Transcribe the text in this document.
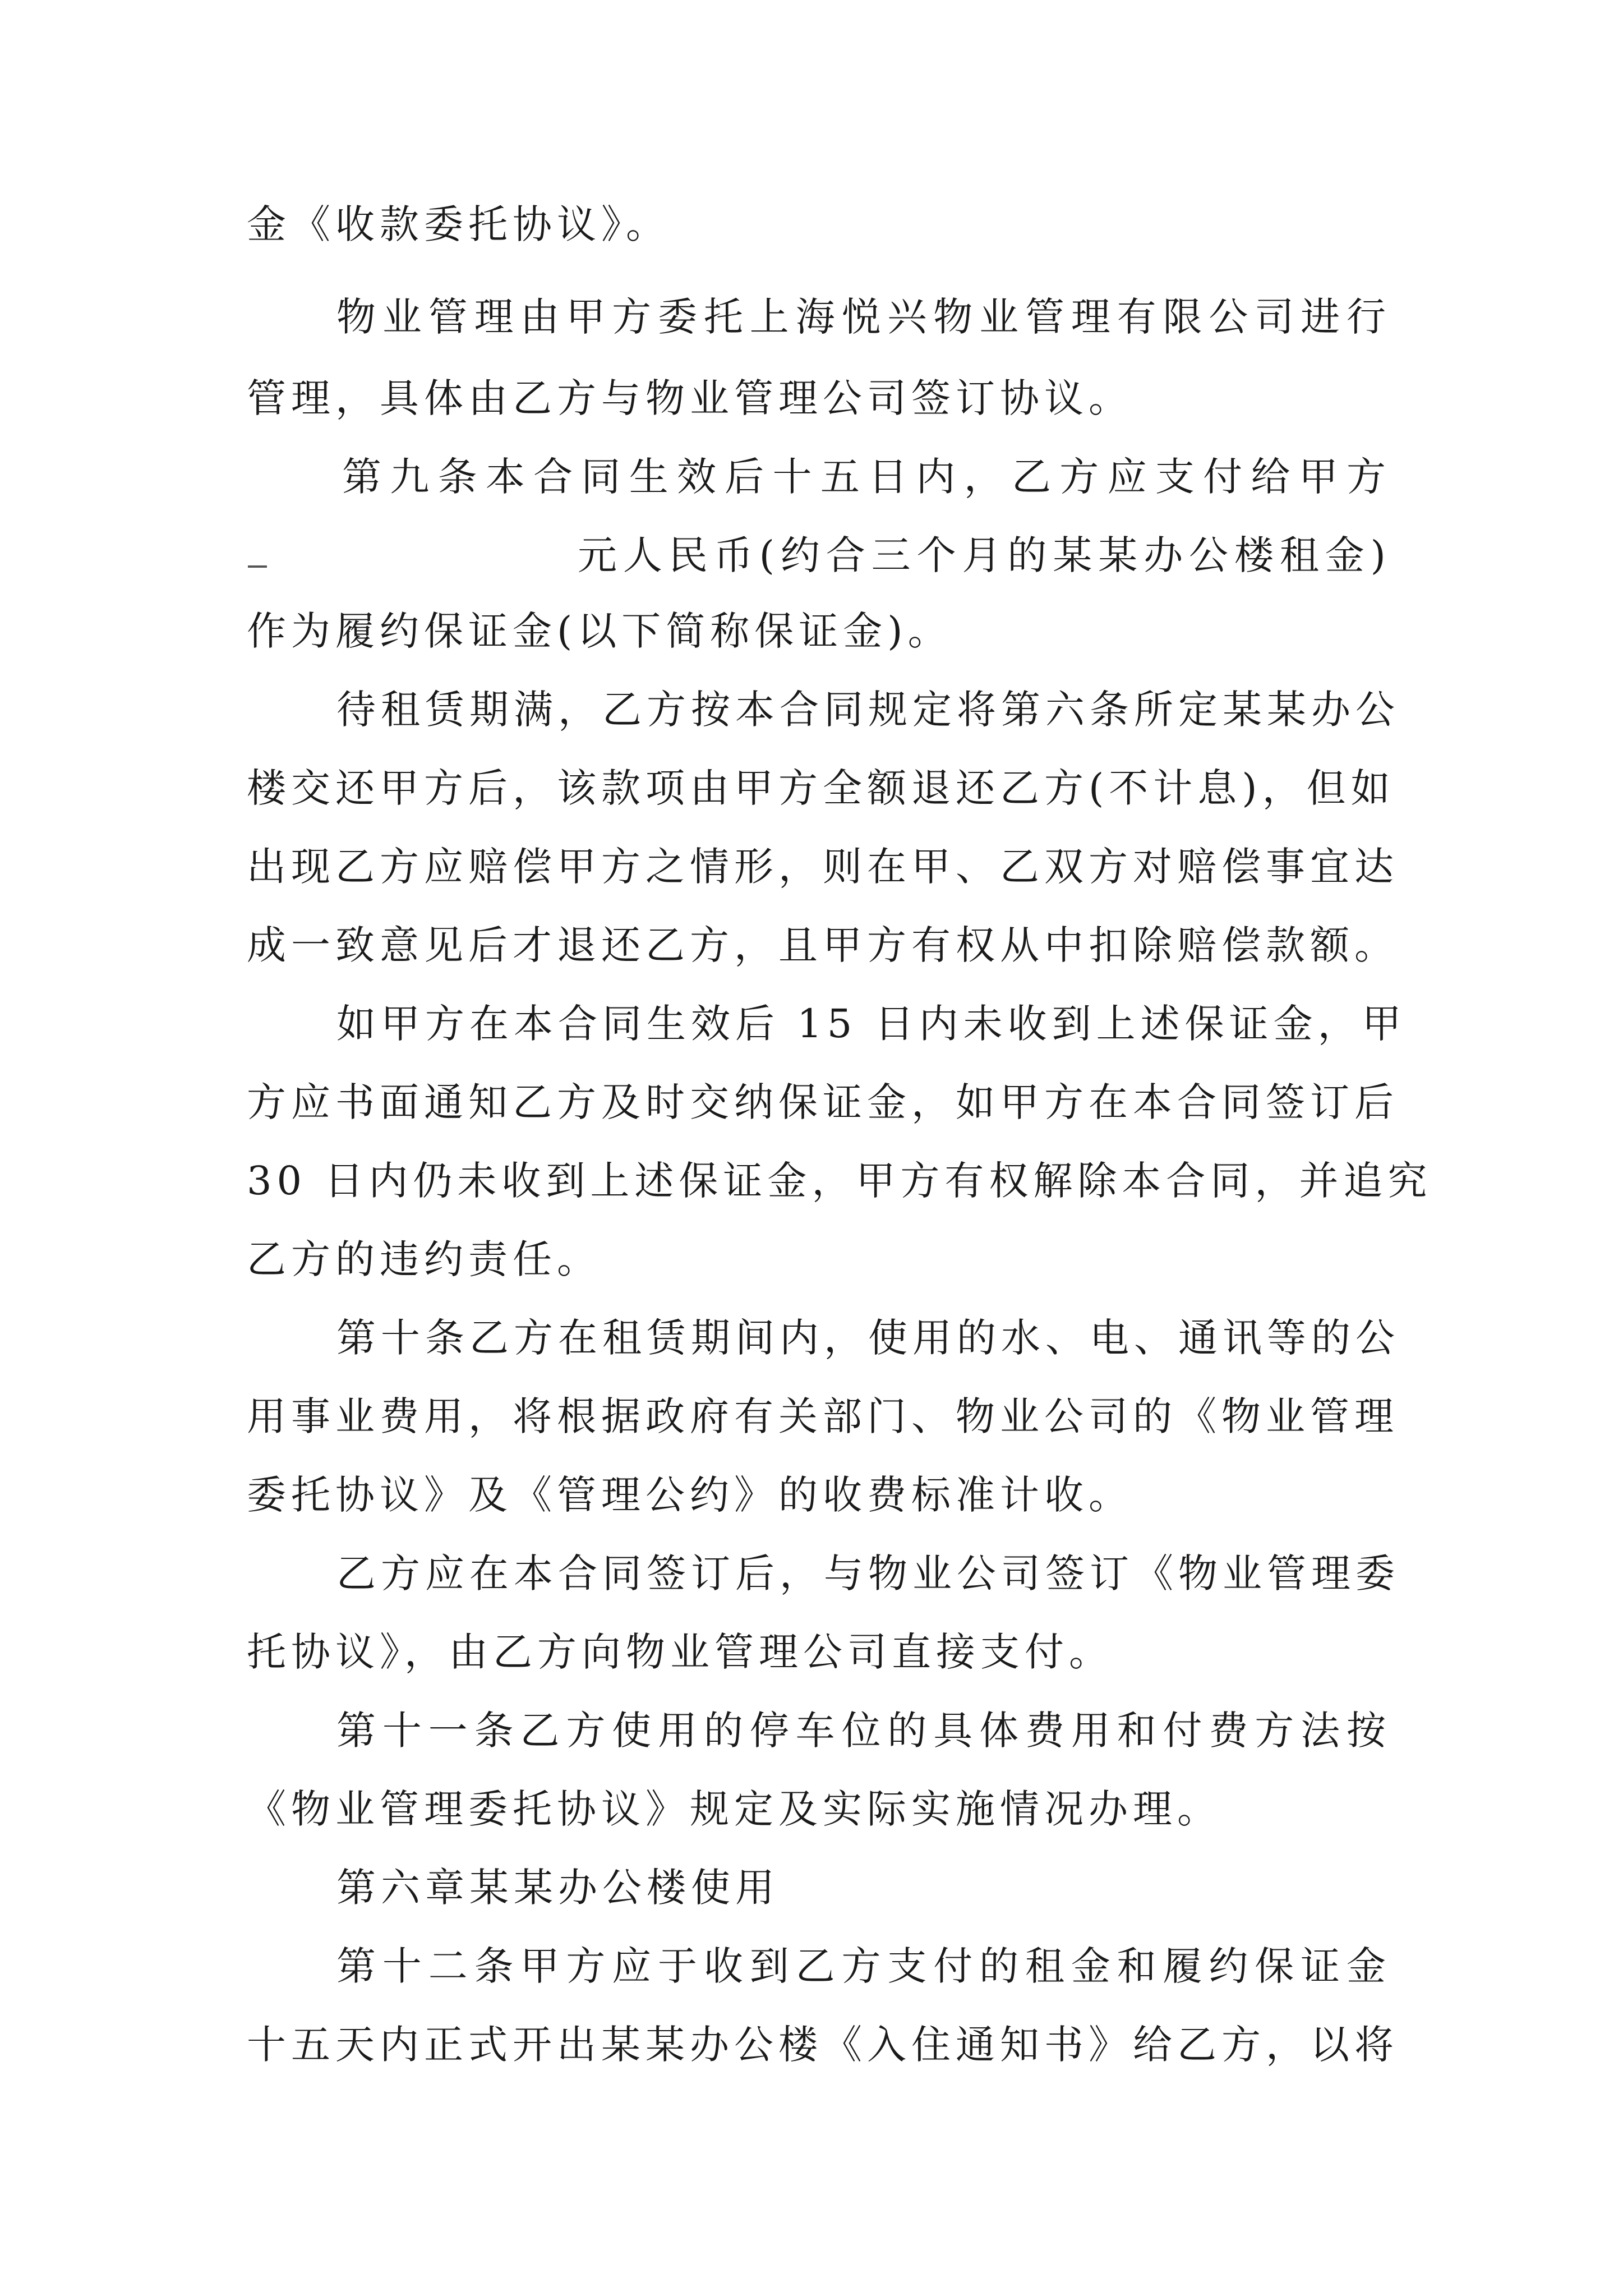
金《收款委托协议》。
物业管理由甲方委托上海悦兴物业管理有限公司进行
管理，具体由乙方与物业管理公司签订协议。
第九条本合同生效后十五日内，乙方应支付给甲方
元人民币(约合三个月的某某办公楼租金)
作为履约保证金(以下简称保证金)。
待租赁期满，乙方按本合同规定将第六条所定某某办公
楼交还甲方后，该款项由甲方全额退还乙方(不计息)，但如
出现乙方应赔偿甲方之情形，则在甲、乙双方对赔偿事宜达
成一致意见后才退还乙方，且甲方有权从中扣除赔偿款额。
如甲方在本合同生效后 15 日内未收到上述保证金，甲
方应书面通知乙方及时交纳保证金，如甲方在本合同签订后
30 日内仍未收到上述保证金，甲方有权解除本合同，并追究
乙方的违约责任。
第十条乙方在租赁期间内，使用的水、电、通讯等的公
用事业费用，将根据政府有关部门、物业公司的《物业管理
委托协议》及《管理公约》的收费标准计收。
乙方应在本合同签订后，与物业公司签订《物业管理委
托协议》，由乙方向物业管理公司直接支付。
第十一条乙方使用的停车位的具体费用和付费方法按
《物业管理委托协议》规定及实际实施情况办理。
第六章某某办公楼使用
第十二条甲方应于收到乙方支付的租金和履约保证金
十五天内正式开出某某办公楼《入住通知书》给乙方，以将
